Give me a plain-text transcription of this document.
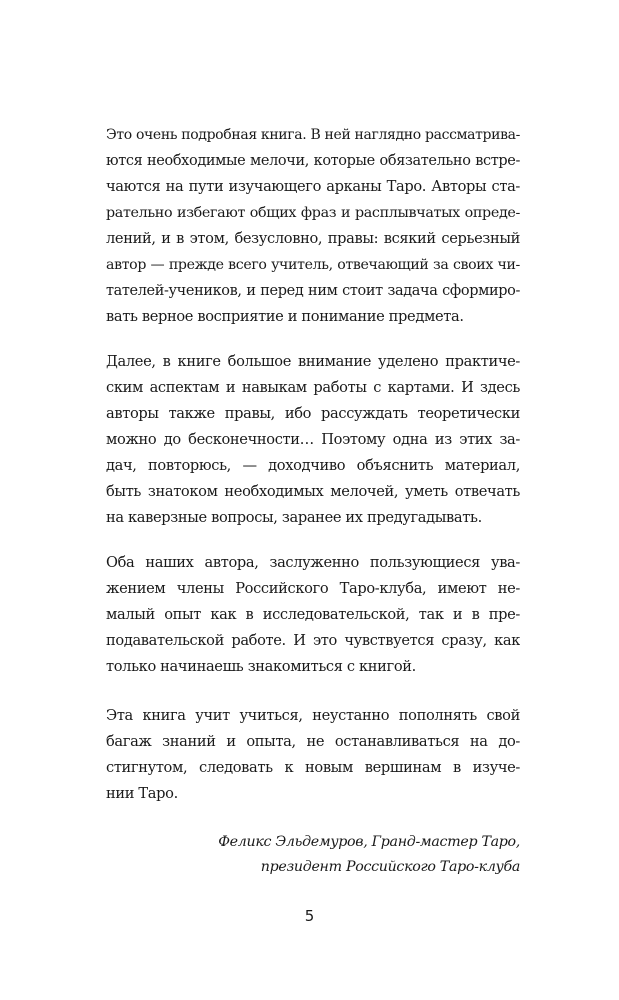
Это очень подробная книга. В ней наглядно рассматрива-
ются необходимые мелочи, которые обязательно встре-
чаются на пути изучающего арканы Таро. Авторы ста-
рательно избегают общих фраз и расплывчатых опреде-
лений, и в этом, безусловно, правы: всякий серьезный
автор — прежде всего учитель, отвечающий за своих чи-
тателей-учеников, и перед ним стоит задача сформиро-
вать верное восприятие и понимание предмета.
Далее, в книге большое внимание уделено практиче-
ским аспектам и навыкам работы с картами. И здесь
авторы также правы, ибо рассуждать теоретически
можно до бесконечности… Поэтому одна из этих за-
дач, повторюсь, — доходчиво объяснить материал,
быть знатоком необходимых мелочей, уметь отвечать
на каверзные вопросы, заранее их предугадывать.
Оба наших автора, заслуженно пользующиеся ува-
жением члены Российского Таро-клуба, имеют не-
малый опыт как в исследовательской, так и в пре-
подавательской работе. И это чувствуется сразу, как
только начинаешь знакомиться с книгой.
Эта книга учит учиться, неустанно пополнять свой
багаж знаний и опыта, не останавливаться на до-
стигнутом, следовать к новым вершинам в изуче-
нии Таро.
Феликс Эльдемуров, Гранд-мастер Таро,
президент Российского Таро-клуба
5
